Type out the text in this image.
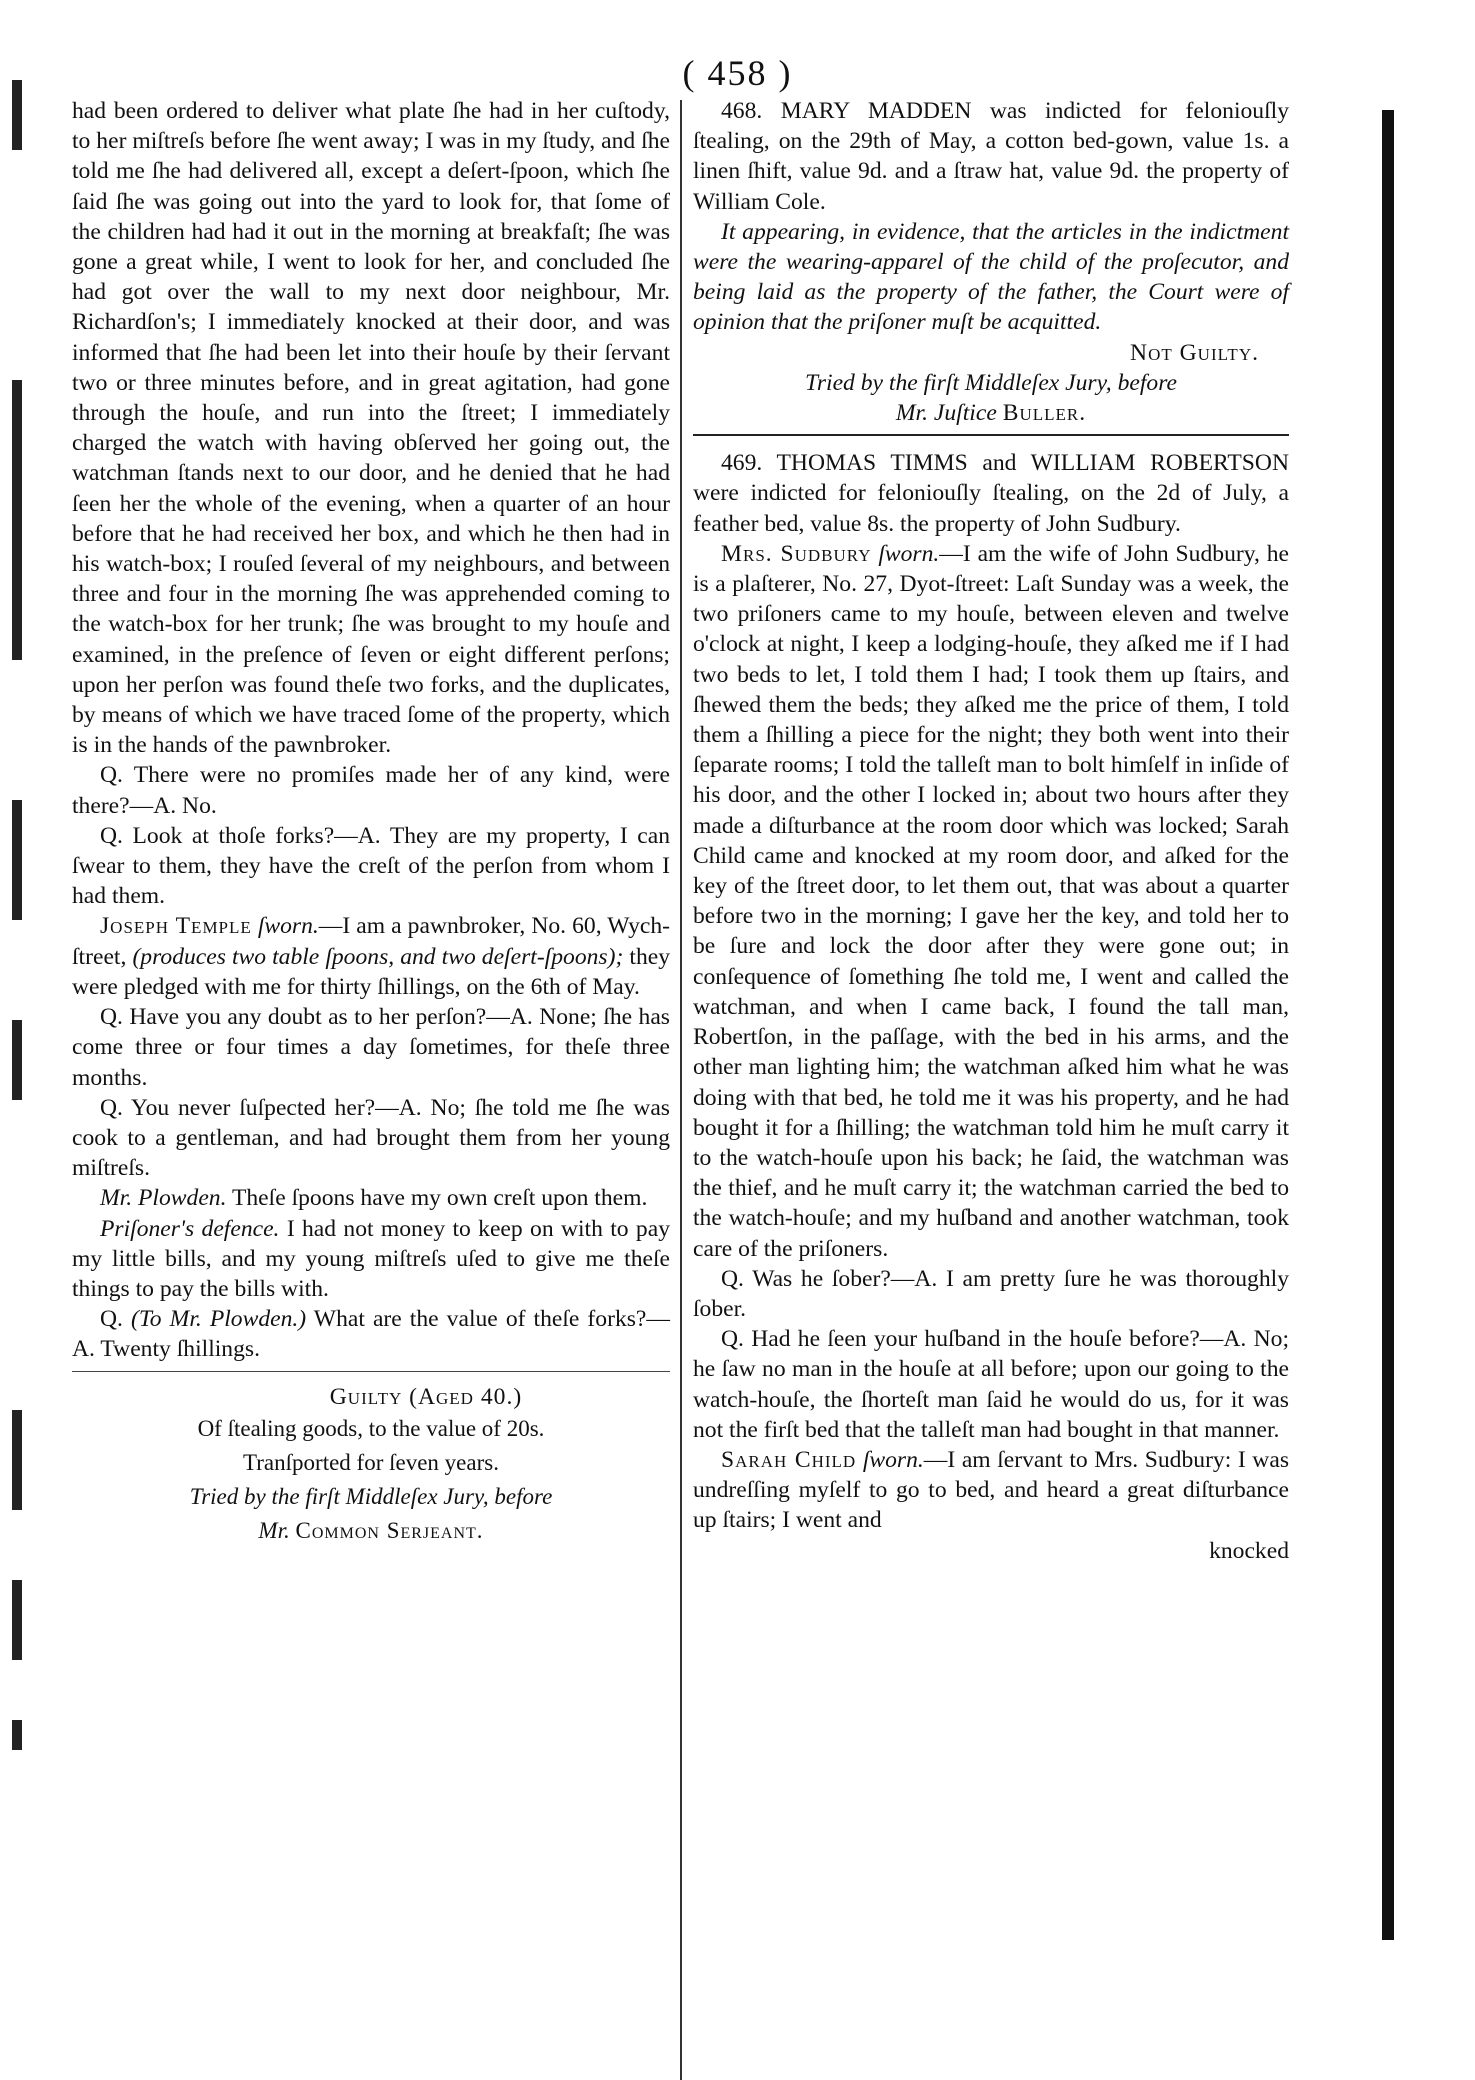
( 458 )

had been ordered to deliver what plate ſhe had in her cuſtody, to her miſtreſs before ſhe went away; I was in my ſtudy, and ſhe told me ſhe had delivered all, except a deſert-ſpoon, which ſhe ſaid ſhe was going out into the yard to look for, that ſome of the children had had it out in the morning at breakfaſt; ſhe was gone a great while, I went to look for her, and concluded ſhe had got over the wall to my next door neighbour, Mr. Richardſon's; I immediately knocked at their door, and was informed that ſhe had been let into their houſe by their ſervant two or three minutes before, and in great agitation, had gone through the houſe, and run into the ſtreet; I immediately charged the watch with having obſerved her going out, the watchman ſtands next to our door, and he denied that he had ſeen her the whole of the evening, when a quarter of an hour before that he had received her box, and which he then had in his watch-box; I rouſed ſeveral of my neighbours, and between three and four in the morning ſhe was apprehended coming to the watch-box for her trunk; ſhe was brought to my houſe and examined, in the preſence of ſeven or eight different perſons; upon her perſon was found theſe two forks, and the duplicates, by means of which we have traced ſome of the property, which is in the hands of the pawnbroker.

Q. There were no promiſes made her of any kind, were there?—A. No.

Q. Look at thoſe forks?—A. They are my property, I can ſwear to them, they have the creſt of the perſon from whom I had them.

Joseph Temple ſworn.—I am a pawnbroker, No. 60, Wych-ſtreet, (produces two table ſpoons, and two deſert-ſpoons); they were pledged with me for thirty ſhillings, on the 6th of May.

Q. Have you any doubt as to her perſon?—A. None; ſhe has come three or four times a day ſometimes, for theſe three months.

Q. You never ſuſpected her?—A. No; ſhe told me ſhe was cook to a gentleman, and had brought them from her young miſtreſs.

Mr. Plowden. Theſe ſpoons have my own creſt upon them.

Priſoner's defence. I had not money to keep on with to pay my little bills, and my young miſtreſs uſed to give me theſe things to pay the bills with.

Q. (To Mr. Plowden.) What are the value of theſe forks?—A. Twenty ſhillings.

Guilty (Aged 40.)

Of ſtealing goods, to the value of 20s.

Tranſported for ſeven years.

Tried by the firſt Middleſex Jury, before

Mr. Common Serjeant.

468. MARY MADDEN was indicted for feloniouſly ſtealing, on the 29th of May, a cotton bed-gown, value 1s. a linen ſhift, value 9d. and a ſtraw hat, value 9d. the property of William Cole.

It appearing, in evidence, that the articles in the indictment were the wearing-apparel of the child of the proſecutor, and being laid as the property of the father, the Court were of opinion that the priſoner muſt be acquitted.

Not Guilty.

Tried by the firſt Middleſex Jury, before

Mr. Juſtice Buller.

469. THOMAS TIMMS and WILLIAM ROBERTSON were indicted for feloniouſly ſtealing, on the 2d of July, a feather bed, value 8s. the property of John Sudbury.

Mrs. Sudbury ſworn.—I am the wife of John Sudbury, he is a plaſterer, No. 27, Dyot-ſtreet: Laſt Sunday was a week, the two priſoners came to my houſe, between eleven and twelve o'clock at night, I keep a lodging-houſe, they aſked me if I had two beds to let, I told them I had; I took them up ſtairs, and ſhewed them the beds; they aſked me the price of them, I told them a ſhilling a piece for the night; they both went into their ſeparate rooms; I told the talleſt man to bolt himſelf in inſide of his door, and the other I locked in; about two hours after they made a diſturbance at the room door which was locked; Sarah Child came and knocked at my room door, and aſked for the key of the ſtreet door, to let them out, that was about a quarter before two in the morning; I gave her the key, and told her to be ſure and lock the door after they were gone out; in conſequence of ſomething ſhe told me, I went and called the watchman, and when I came back, I found the tall man, Robertſon, in the paſſage, with the bed in his arms, and the other man lighting him; the watchman aſked him what he was doing with that bed, he told me it was his property, and he had bought it for a ſhilling; the watchman told him he muſt carry it to the watch-houſe upon his back; he ſaid, the watchman was the thief, and he muſt carry it; the watchman carried the bed to the watch-houſe; and my huſband and another watchman, took care of the priſoners.

Q. Was he ſober?—A. I am pretty ſure he was thoroughly ſober.

Q. Had he ſeen your huſband in the houſe before?—A. No; he ſaw no man in the houſe at all before; upon our going to the watch-houſe, the ſhorteſt man ſaid he would do us, for it was not the firſt bed that the talleſt man had bought in that manner.

Sarah Child ſworn.—I am ſervant to Mrs. Sudbury: I was undreſſing myſelf to go to bed, and heard a great diſturbance up ſtairs; I went and

knocked
